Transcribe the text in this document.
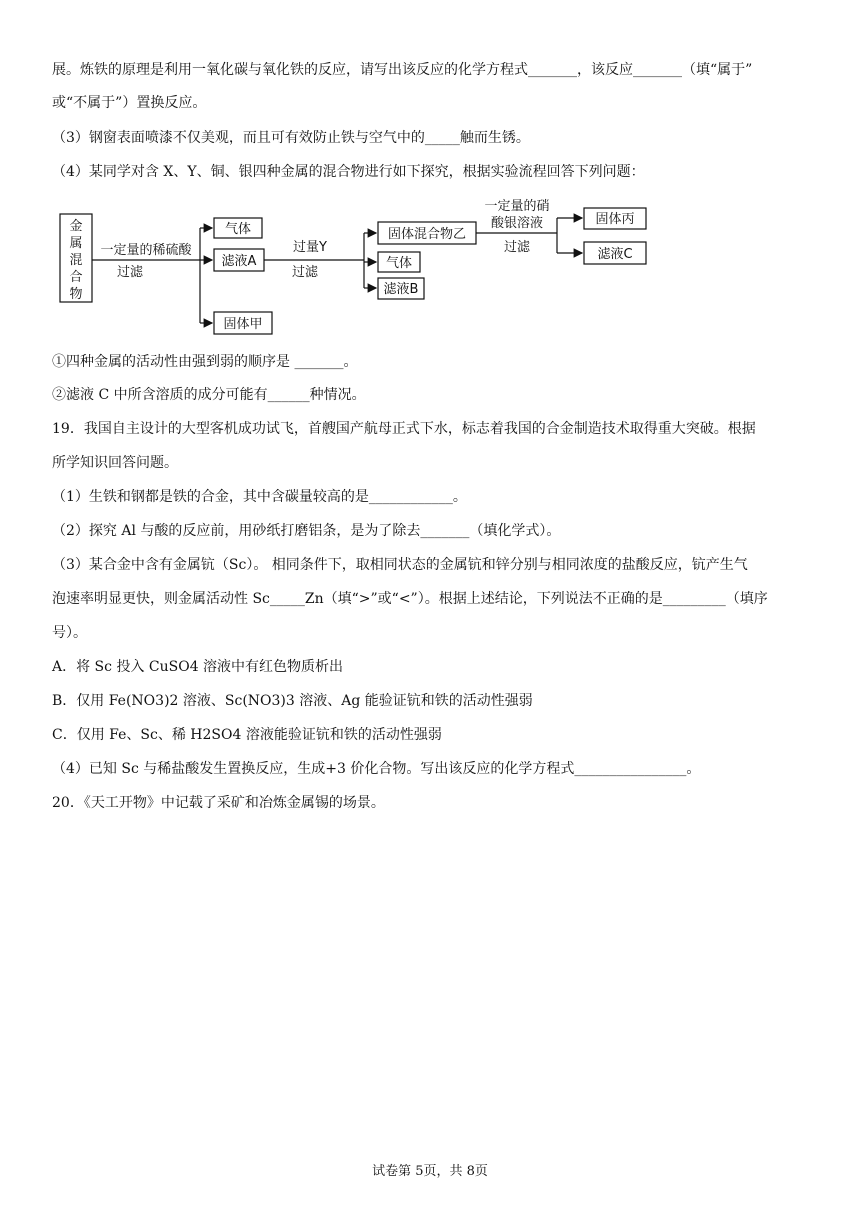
展。炼铁的原理是利用一氧化碳与氧化铁的反应，请写出该反应的化学方程式_______，该反应_______（填“属于”
或“不属于”）置换反应。
（3）钢窗表面喷漆不仅美观，而且可有效防止铁与空气中的_____触而生锈。
（4）某同学对含 X、Y、铜、银四种金属的混合物进行如下探究，根据实验流程回答下列问题：
①四种金属的活动性由强到弱的顺序是 _______。
②滤液 C 中所含溶质的成分可能有______种情况。
19．我国自主设计的大型客机成功试飞，首艘国产航母正式下水，标志着我国的合金制造技术取得重大突破。根据
所学知识回答问题。
（1）生铁和钢都是铁的合金，其中含碳量较高的是____________。
（2）探究 Al 与酸的反应前，用砂纸打磨铝条，是为了除去_______（填化学式）。
（3）某合金中含有金属钪（Sc）。 相同条件下，取相同状态的金属钪和锌分别与相同浓度的盐酸反应，钪产生气
泡速率明显更快，则金属活动性 Sc_____Zn（填“>”或“<”）。根据上述结论，下列说法不正确的是_________（填序
号）。
A．将 Sc 投入 CuSO4 溶液中有红色物质析出
B．仅用 Fe(NO3)2 溶液、Sc(NO3)3 溶液、Ag 能验证钪和铁的活动性强弱
C．仅用 Fe、Sc、稀 H2SO4 溶液能验证钪和铁的活动性强弱
（4）已知 Sc 与稀盐酸发生置换反应，生成+3 价化合物。写出该反应的化学方程式________________。
20．《天工开物》中记载了采矿和冶炼金属锡的场景。
金
属
混
合
物
一定量的稀硫酸
过滤
气体
滤液A
固体甲
过量Y
过滤
固体混合物乙
气体
滤液B
一定量的硝
酸银溶液
过滤
固体丙
滤液C
试卷第 5页，共 8页
